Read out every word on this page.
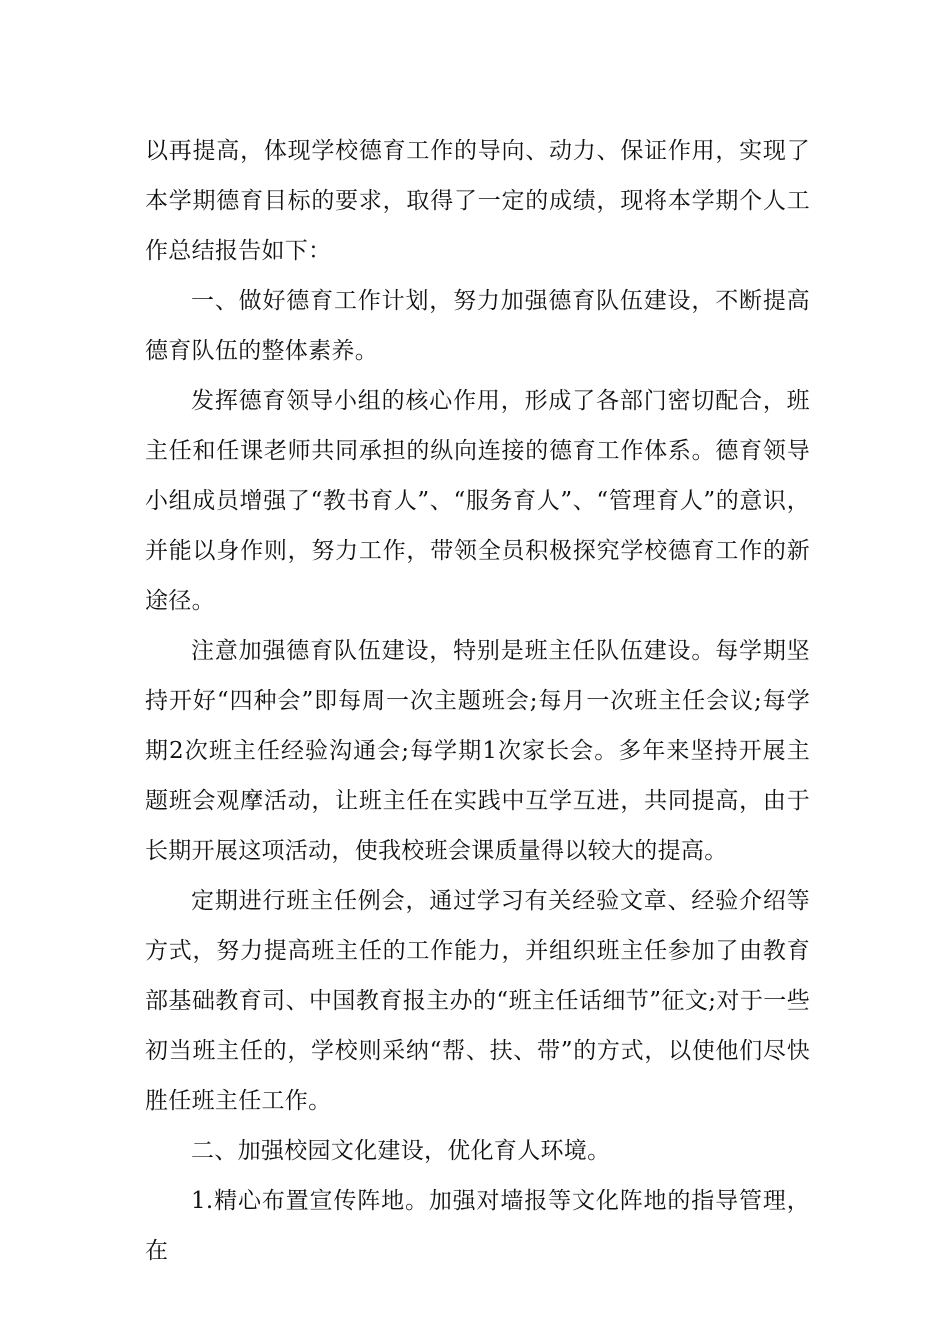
以再提高，体现学校德育工作的导向、动力、保证作用，实现了本学期德育目标的要求，取得了一定的成绩，现将本学期个人工作总结报告如下：

一、做好德育工作计划，努力加强德育队伍建设，不断提高德育队伍的整体素养。

发挥德育领导小组的核心作用，形成了各部门密切配合，班主任和任课老师共同承担的纵向连接的德育工作体系。德育领导小组成员增强了“教书育人”、“服务育人”、“管理育人”的意识，并能以身作则，努力工作，带领全员积极探究学校德育工作的新途径。

注意加强德育队伍建设，特别是班主任队伍建设。每学期坚持开好“四种会”即每周一次主题班会;每月一次班主任会议;每学期2次班主任经验沟通会;每学期1次家长会。多年来坚持开展主题班会观摩活动，让班主任在实践中互学互进，共同提高，由于长期开展这项活动，使我校班会课质量得以较大的提高。

定期进行班主任例会，通过学习有关经验文章、经验介绍等方式，努力提高班主任的工作能力，并组织班主任参加了由教育部基础教育司、中国教育报主办的“班主任话细节”征文;对于一些初当班主任的，学校则采纳“帮、扶、带”的方式，以使他们尽快胜任班主任工作。

二、加强校园文化建设，优化育人环境。

1.精心布置宣传阵地。加强对墙报等文化阵地的指导管理，在
